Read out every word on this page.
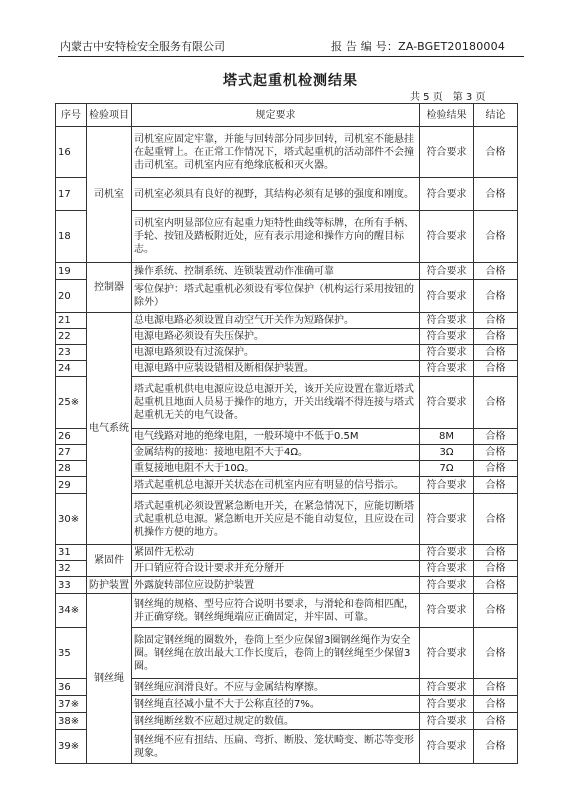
内蒙古中安特检安全服务有限公司	报 告 编 号：ZA-BGET20180004
塔式起重机检测结果
共 5 页　第 3 页
序号	检验项目	规定要求	检验结果	结论
16	司机室	司机室应固定牢靠，并能与回转部分同步回转，司机室不能悬挂在起重臂上。在正常工作情况下，塔式起重机的活动部件不会撞击司机室。司机室内应有绝缘底板和灭火器。	符合要求	合格
17		司机室必须具有良好的视野，其结构必须有足够的强度和刚度。	符合要求	合格
18		司机室内明显部位应有起重力矩特性曲线等标牌，在所有手柄、手轮、按钮及踏板附近处，应有表示用途和操作方向的醒目标志。	符合要求	合格
19	控制器	操作系统、控制系统、连锁装置动作准确可靠	符合要求	合格
20		零位保护：塔式起重机必须设有零位保护（机构运行采用按钮的除外）	符合要求	合格
21	电气系统	总电源电路必须设置自动空气开关作为短路保护。	符合要求	合格
22		电源电路必须设有失压保护。	符合要求	合格
23		电源电路须设有过流保护。	符合要求	合格
24		电源电路中应装设错相及断相保护装置。	符合要求	合格
25※		塔式起重机供电电源应设总电源开关，该开关应设置在靠近塔式起重机且地面人员易于操作的地方，开关出线端不得连接与塔式起重机无关的电气设备。	符合要求	合格
26		电气线路对地的绝缘电阻，一般环境中不低于0.5M	8M	合格
27		金属结构的接地：接地电阻不大于4Ω。	3Ω	合格
28		重复接地电阻不大于10Ω。	7Ω	合格
29		塔式起重机总电源开关状态在司机室内应有明显的信号指示。	符合要求	合格
30※		塔式起重机必须设置紧急断电开关，在紧急情况下，应能切断塔式起重机总电源。紧急断电开关应是不能自动复位，且应设在司机操作方便的地方。	符合要求	合格
31	紧固件	紧固件无松动	符合要求	合格
32		开口销应符合设计要求并充分掰开	符合要求	合格
33	防护装置	外露旋转部位应设防护装置	符合要求	合格
34※	钢丝绳	钢丝绳的规格、型号应符合说明书要求，与滑轮和卷筒相匹配，并正确穿绕。钢丝绳绳端应正确固定，并牢固、可靠。	符合要求	合格
35		除固定钢丝绳的圈数外，卷筒上至少应保留3圈钢丝绳作为安全圈。钢丝绳在放出最大工作长度后，卷筒上的钢丝绳至少保留3圈。	符合要求	合格
36		钢丝绳应润滑良好。不应与金属结构摩擦。	符合要求	合格
37※		钢丝绳直径减小量不大于公称直径的7%。	符合要求	合格
38※		钢丝绳断丝数不应超过规定的数值。	符合要求	合格
39※		钢丝绳不应有扭结、压扁、弯折、断股、笼状畸变、断芯等变形现象。	符合要求	合格
